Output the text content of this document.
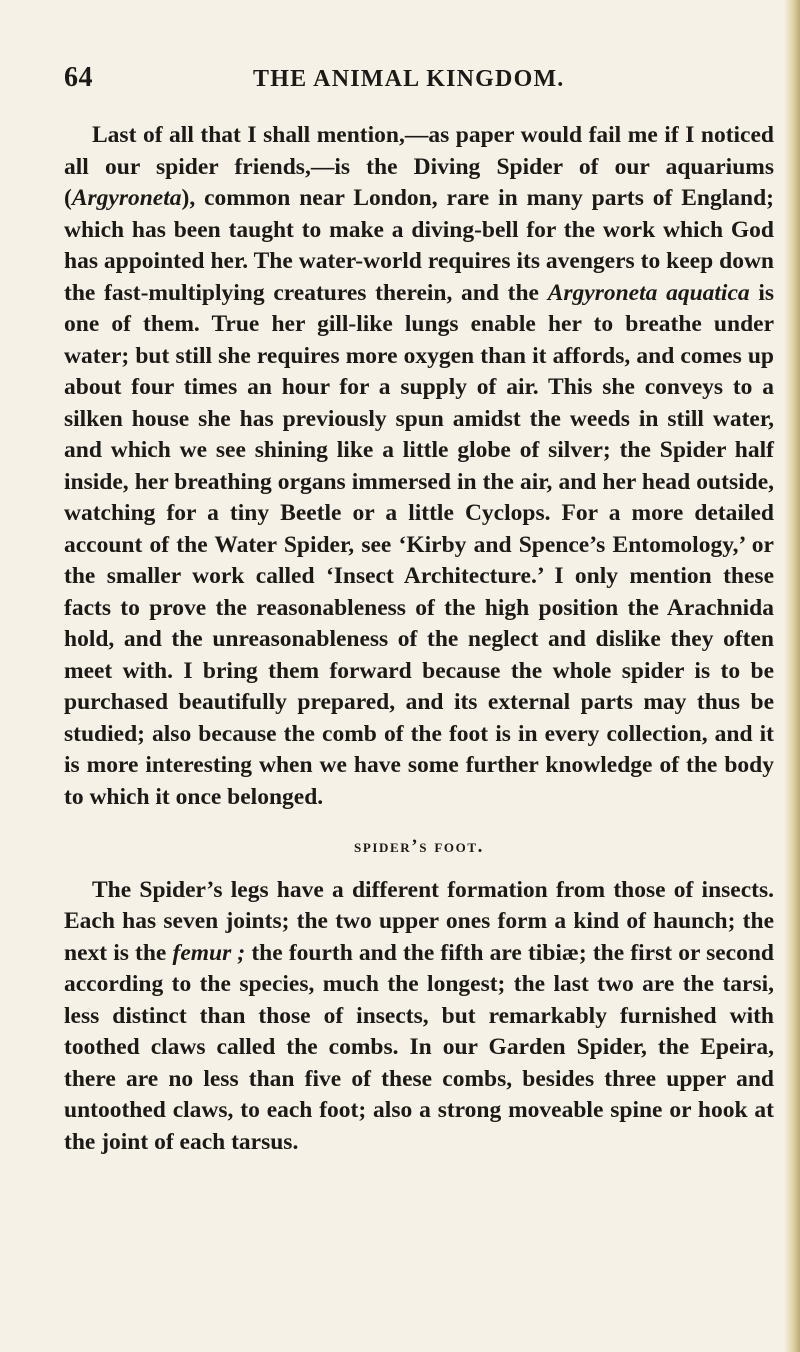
64	THE ANIMAL KINGDOM.

Last of all that I shall mention,—as paper would fail me if I noticed all our spider friends,—is the Diving Spider of our aquariums (Argyroneta), common near London, rare in many parts of England; which has been taught to make a diving-bell for the work which God has appointed her. The water-world requires its avengers to keep down the fast-multiplying creatures therein, and the Argyroneta aquatica is one of them. True her gill-like lungs enable her to breathe under water; but still she requires more oxygen than it affords, and comes up about four times an hour for a supply of air. This she conveys to a silken house she has previously spun amidst the weeds in still water, and which we see shining like a little globe of silver; the Spider half inside, her breathing organs immersed in the air, and her head outside, watching for a tiny Beetle or a little Cyclops. For a more detailed account of the Water Spider, see ‘Kirby and Spence’s Entomology,’ or the smaller work called ‘Insect Architecture.’ I only mention these facts to prove the reasonableness of the high position the Arachnida hold, and the unreasonableness of the neglect and dislike they often meet with. I bring them forward because the whole spider is to be purchased beautifully prepared, and its external parts may thus be studied; also because the comb of the foot is in every collection, and it is more interesting when we have some further knowledge of the body to which it once belonged.

spider’s foot.

The Spider’s legs have a different formation from those of insects. Each has seven joints; the two upper ones form a kind of haunch; the next is the femur ; the fourth and the fifth are tibiæ; the first or second according to the species, much the longest; the last two are the tarsi, less distinct than those of insects, but remarkably furnished with toothed claws called the combs. In our Garden Spider, the Epeira, there are no less than five of these combs, besides three upper and untoothed claws, to each foot; also a strong moveable spine or hook at the joint of each tarsus.
